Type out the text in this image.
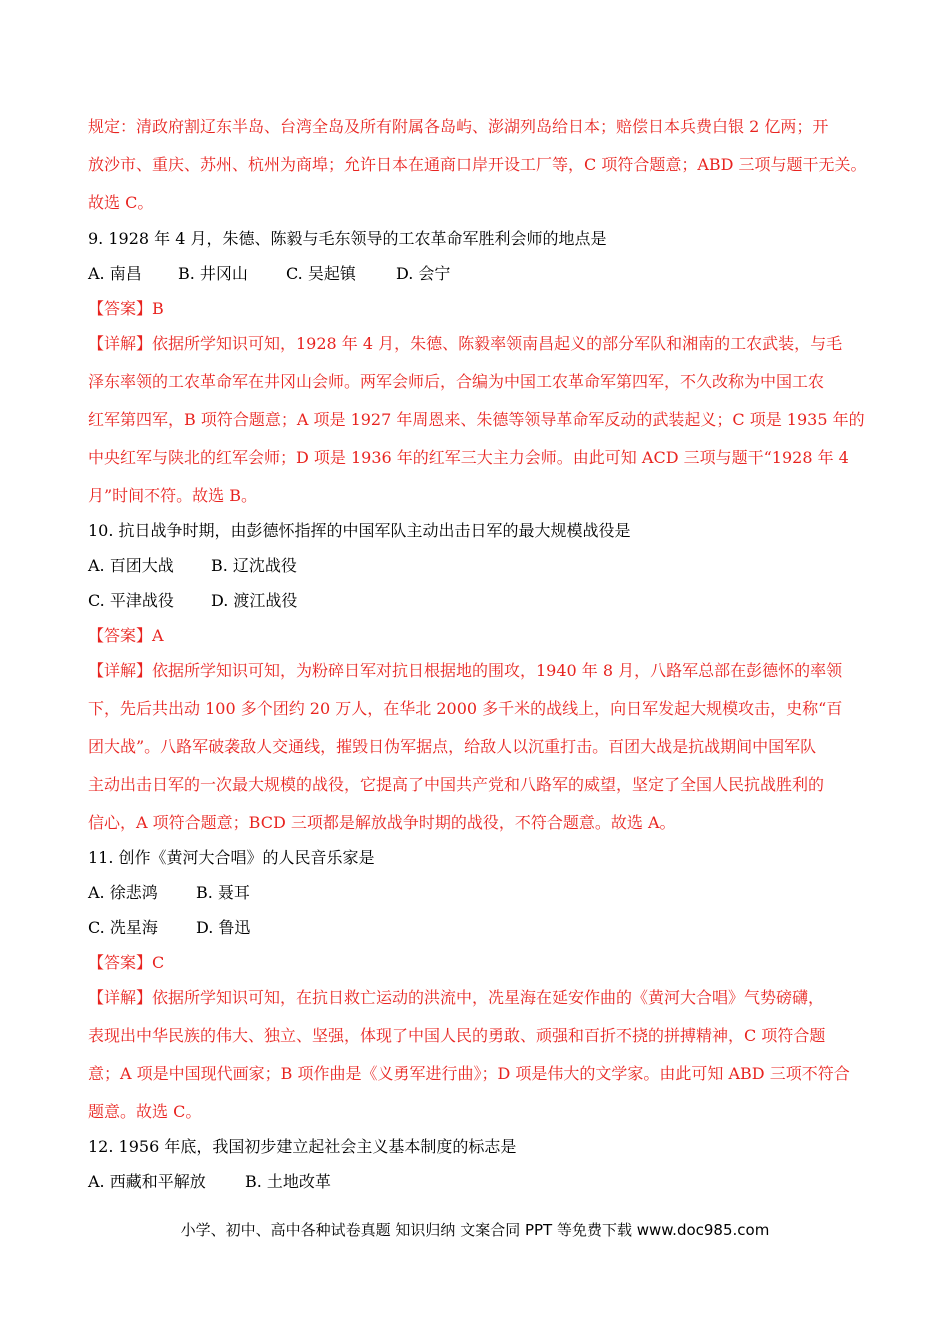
规定：清政府割辽东半岛、台湾全岛及所有附属各岛屿、澎湖列岛给日本；赔偿日本兵费白银 2 亿两；开
放沙市、重庆、苏州、杭州为商埠；允许日本在通商口岸开设工厂等，C 项符合题意；ABD 三项与题干无关。
故选 C。
9. 1928 年 4 月，朱德、陈毅与毛东领导的工农革命军胜利会师的地点是
A. 南昌 B. 井冈山 C. 吴起镇	D. 会宁
【答案】B
【详解】依据所学知识可知，1928 年 4 月，朱德、陈毅率领南昌起义的部分军队和湘南的工农武装，与毛
泽东率领的工农革命军在井冈山会师。两军会师后，合编为中国工农革命军第四军，不久改称为中国工农
红军第四军，B 项符合题意；A 项是 1927 年周恩来、朱德等领导革命军反动的武装起义；C 项是 1935 年的
中央红军与陕北的红军会师；D 项是 1936 年的红军三大主力会师。由此可知 ACD 三项与题干“1928 年 4
月”时间不符。故选 B。
10. 抗日战争时期，由彭德怀指挥的中国军队主动出击日军的最大规模战役是
A. 百团大战 B. 辽沈战役
C. 平津战役 D. 渡江战役
【答案】A
【详解】依据所学知识可知，为粉碎日军对抗日根据地的围攻，1940 年 8 月，八路军总部在彭德怀的率领
下，先后共出动 100 多个团约 20 万人，在华北 2000 多千米的战线上，向日军发起大规模攻击，史称“百
团大战”。八路军破袭敌人交通线，摧毁日伪军据点，给敌人以沉重打击。百团大战是抗战期间中国军队
主动出击日军的一次最大规模的战役，它提高了中国共产党和八路军的威望，坚定了全国人民抗战胜利的
信心，A 项符合题意；BCD 三项都是解放战争时期的战役，不符合题意。故选 A。
11. 创作《黄河大合唱》的人民音乐家是
A. 徐悲鸿 B. 聂耳
C. 冼星海 D. 鲁迅
【答案】C
【详解】依据所学知识可知，在抗日救亡运动的洪流中，冼星海在延安作曲的《黄河大合唱》气势磅礴，
表现出中华民族的伟大、独立、坚强，体现了中国人民的勇敢、顽强和百折不挠的拼搏精神，C 项符合题
意；A 项是中国现代画家；B 项作曲是《义勇军进行曲》；D 项是伟大的文学家。由此可知 ABD 三项不符合
题意。故选 C。
12. 1956 年底，我国初步建立起社会主义基本制度的标志是
A. 西藏和平解放 B. 土地改革
小学、初中、高中各种试卷真题 知识归纳 文案合同 PPT 等免费下载 www.doc985.com
